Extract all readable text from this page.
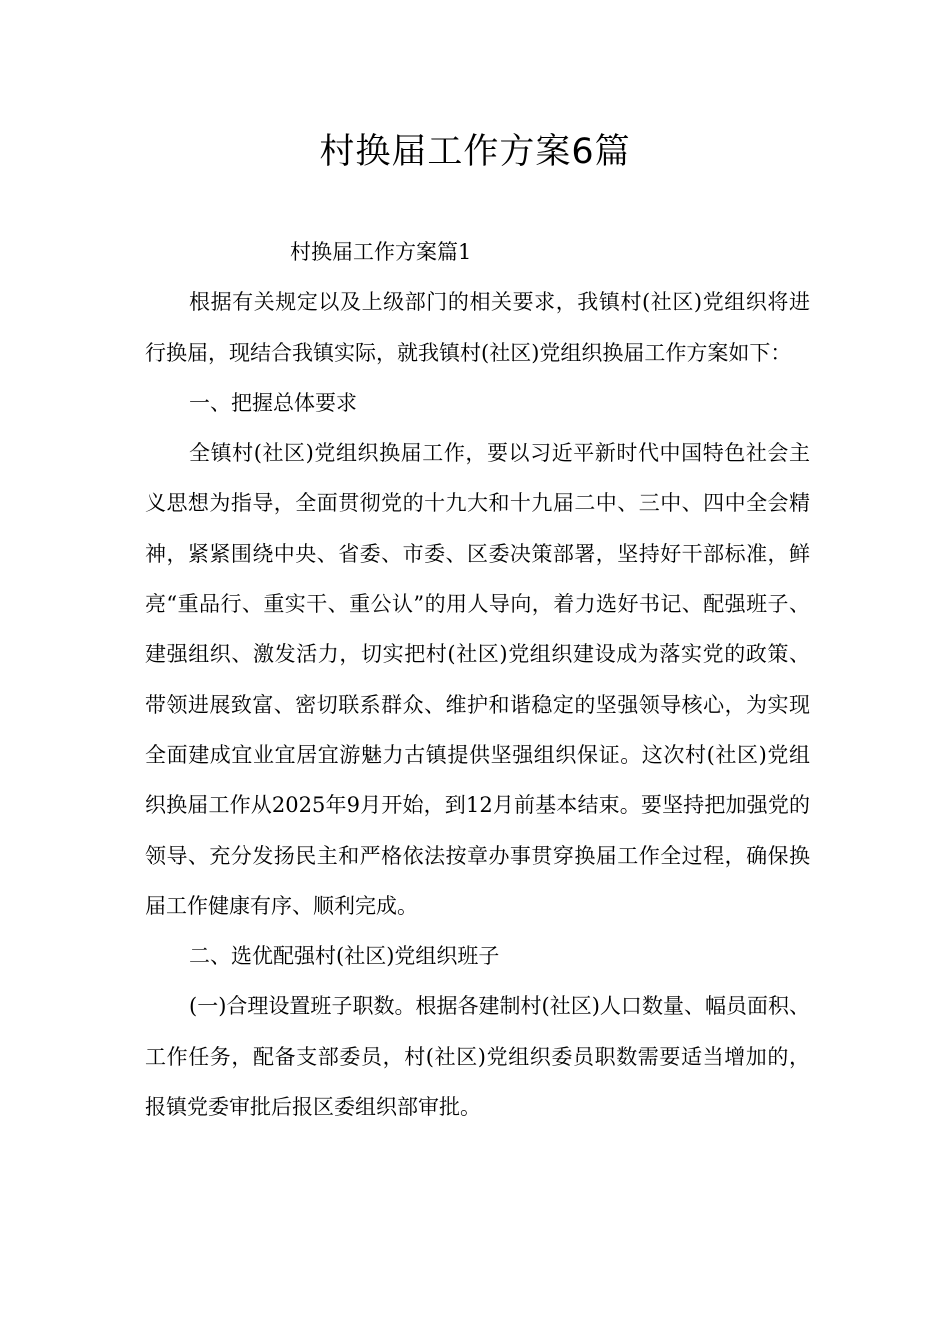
村换届工作方案6篇
村换届工作方案篇1

根据有关规定以及上级部门的相关要求，我镇村(社区)党组织将进行换届，现结合我镇实际，就我镇村(社区)党组织换届工作方案如下：

一、把握总体要求

全镇村(社区)党组织换届工作，要以习近平新时代中国特色社会主义思想为指导，全面贯彻党的十九大和十九届二中、三中、四中全会精神，紧紧围绕中央、省委、市委、区委决策部署，坚持好干部标准，鲜亮“重品行、重实干、重公认”的用人导向，着力选好书记、配强班子、建强组织、激发活力，切实把村(社区)党组织建设成为落实党的政策、带领进展致富、密切联系群众、维护和谐稳定的坚强领导核心，为实现全面建成宜业宜居宜游魅力古镇提供坚强组织保证。这次村(社区)党组织换届工作从2025年9月开始，到12月前基本结束。要坚持把加强党的领导、充分发扬民主和严格依法按章办事贯穿换届工作全过程，确保换届工作健康有序、顺利完成。

二、选优配强村(社区)党组织班子

(一)合理设置班子职数。根据各建制村(社区)人口数量、幅员面积、工作任务，配备支部委员，村(社区)党组织委员职数需要适当增加的，报镇党委审批后报区委组织部审批。
